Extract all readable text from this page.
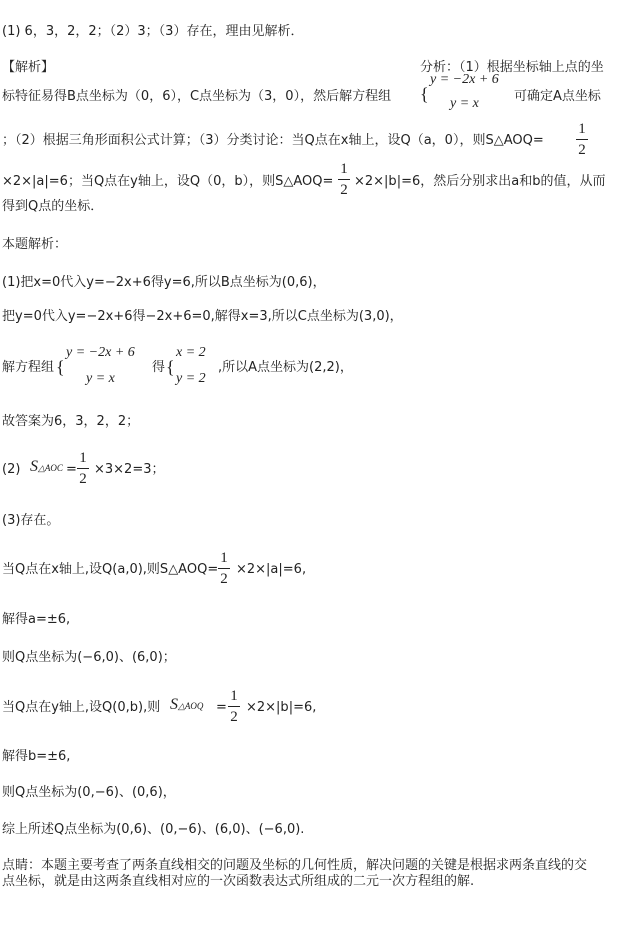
(1) 6，3，2，2；（2）3；（3）存在，理由见解析．
【解析】	分析：（1）根据坐标轴上点的坐
标特征易得B点坐标为（0，6），C点坐标为（3，0），然后解方程组 {
y = −2x + 6
y = x	可确定A点坐标
；（2）根据三角形面积公式计算；（3）分类讨论：当Q点在x轴上，设Q（a，0），则S△AOQ=
1
2
×2×|a|=6；当Q点在y轴上，设Q（0，b），则S△AOQ=
1
2
×2×|b|=6，然后分别求出a和b的值，从而
得到Q点的坐标．
本题解析：
(1)把x=0代入y=−2x+6得y=6,所以B点坐标为(0,6)，
把y=0代入y=−2x+6得−2x+6=0,解得x=3,所以C点坐标为(3,0)，
解方程组 {
y = −2x + 6
y = x
得 {
x = 2
y = 2
,所以A点坐标为(2,2)，
故答案为6，3，2，2；
(2) S△AOC =
1
2
×3×2=3；
(3)存在。
当Q点在x轴上,设Q(a,0),则S△AOQ=
1
2
×2×|a|=6,
解得a=±6,
则Q点坐标为(−6,0)、(6,0)；
当Q点在y轴上,设Q(0,b),则 S△AOQ =
1
2
×2×|b|=6,
解得b=±6,
则Q点坐标为(0,−6)、(0,6)，
综上所述Q点坐标为(0,6)、(0,−6)、(6,0)、(−6,0).
点睛：本题主要考查了两条直线相交的问题及坐标的几何性质，解决问题的关键是根据求两条直线的交
点坐标，就是由这两条直线相对应的一次函数表达式所组成的二元一次方程组的解.
